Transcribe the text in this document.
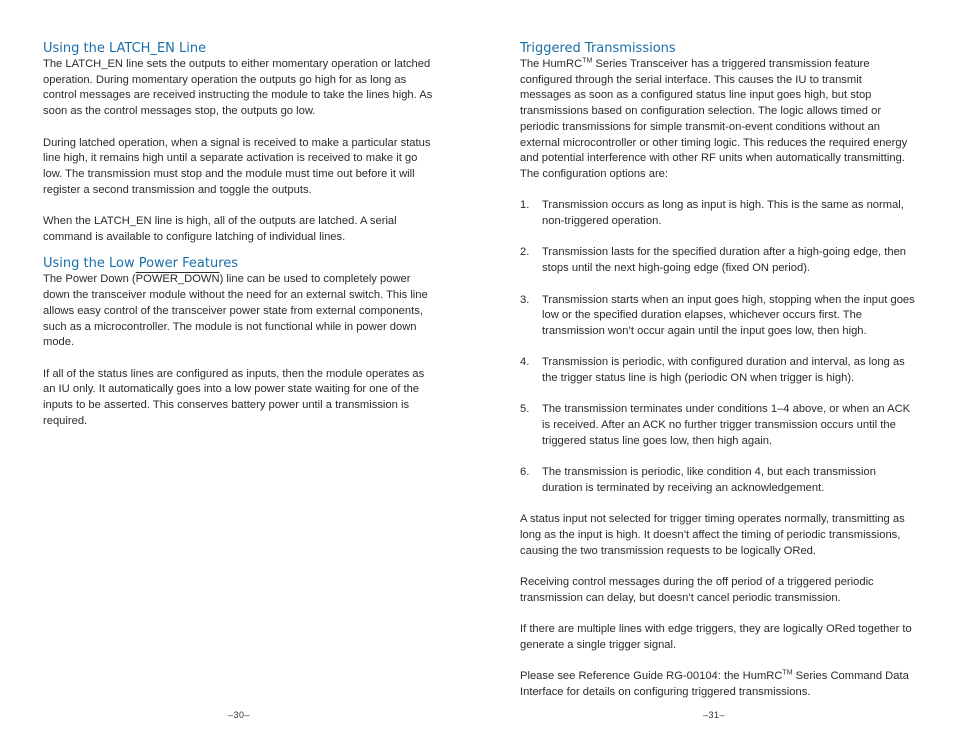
Using the LATCH_EN Line

The LATCH_EN line sets the outputs to either momentary operation or latched operation. During momentary operation the outputs go high for as long as control messages are received instructing the module to take the lines high. As soon as the control messages stop, the outputs go low.

During latched operation, when a signal is received to make a particular status line high, it remains high until a separate activation is received to make it go low. The transmission must stop and the module must time out before it will register a second transmission and toggle the outputs.

When the LATCH_EN line is high, all of the outputs are latched. A serial command is available to configure latching of individual lines.

Using the Low Power Features

The Power Down (POWER_DOWN) line can be used to completely power down the transceiver module without the need for an external switch. This line allows easy control of the transceiver power state from external components, such as a microcontroller. The module is not functional while in power down mode.

If all of the status lines are configured as inputs, then the module operates as an IU only. It automatically goes into a low power state waiting for one of the inputs to be asserted. This conserves battery power until a transmission is required.

–30–
Triggered Transmissions

The HumRC™ Series Transceiver has a triggered transmission feature configured through the serial interface. This causes the IU to transmit messages as soon as a configured status line input goes high, but stop transmissions based on configuration selection. The logic allows timed or periodic transmissions for simple transmit-on-event conditions without an external microcontroller or other timing logic. This reduces the required energy and potential interference with other RF units when automatically transmitting. The configuration options are:

1.	Transmission occurs as long as input is high. This is the same as normal, non-triggered operation.
2.	Transmission lasts for the specified duration after a high-going edge, then stops until the next high-going edge (fixed ON period).
3.	Transmission starts when an input goes high, stopping when the input goes low or the specified duration elapses, whichever occurs first. The transmission won’t occur again until the input goes low, then high.
4.	Transmission is periodic, with configured duration and interval, as long as the trigger status line is high (periodic ON when trigger is high).
5.	The transmission terminates under conditions 1–4 above, or when an ACK is received. After an ACK no further trigger transmission occurs until the triggered status line goes low, then high again.
6.	The transmission is periodic, like condition 4, but each transmission duration is terminated by receiving an acknowledgement.

A status input not selected for trigger timing operates normally, transmitting as long as the input is high. It doesn’t affect the timing of periodic transmissions, causing the two transmission requests to be logically ORed.

Receiving control messages during the off period of a triggered periodic transmission can delay, but doesn’t cancel periodic transmission.

If there are multiple lines with edge triggers, they are logically ORed together to generate a single trigger signal.

Please see Reference Guide RG-00104: the HumRC™ Series Command Data Interface for details on configuring triggered transmissions.

–31–
